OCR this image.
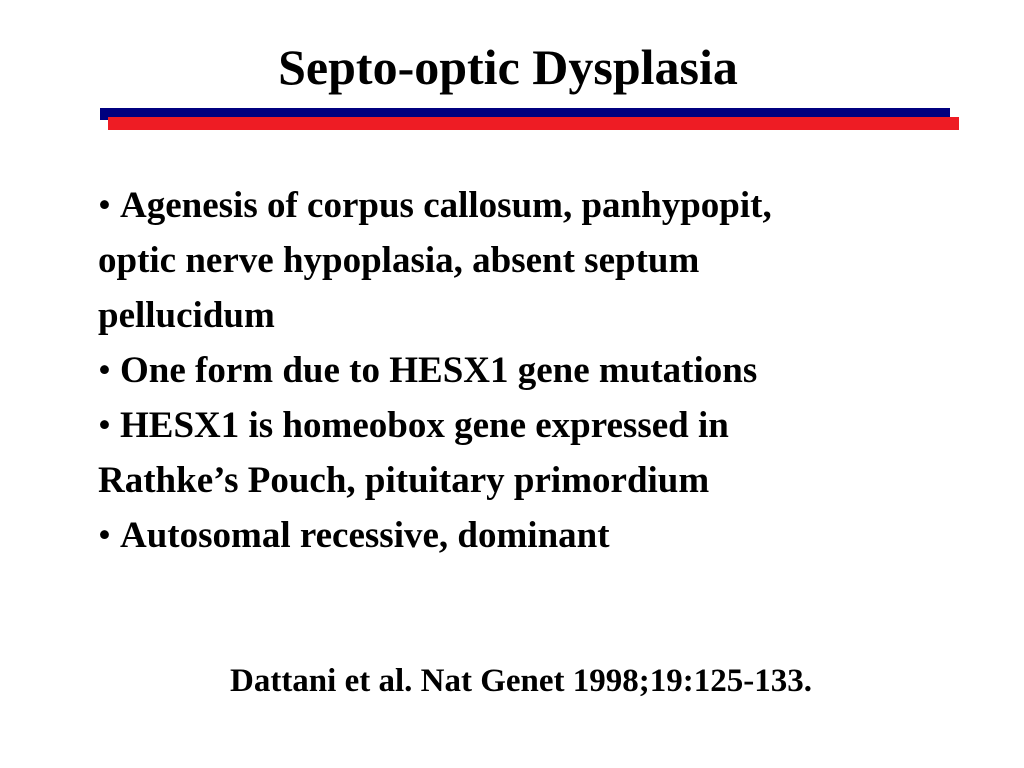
Septo-optic Dysplasia
• Agenesis of corpus callosum, panhypopit,
optic nerve hypoplasia, absent septum
pellucidum
• One form due to HESX1 gene mutations
• HESX1 is homeobox gene expressed in
Rathke’s Pouch, pituitary primordium
• Autosomal recessive, dominant
Dattani et al. Nat Genet 1998;19:125-133.
